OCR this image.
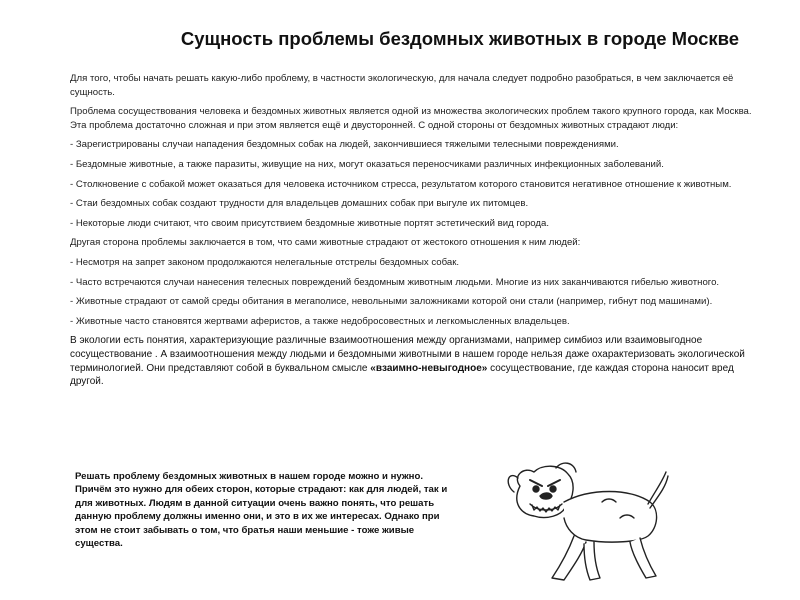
Сущность проблемы бездомных животных в городе Москве

Для того, чтобы начать решать какую-либо проблему, в частности экологическую, для начала следует подробно разобраться, в чем заключается её сущность.

Проблема сосуществования человека и бездомных животных является одной из множества экологических проблем такого крупного города, как Москва. Эта проблема достаточно сложная и при этом является ещё и двусторонней. С одной стороны от бездомных животных страдают люди:

- Зарегистрированы случаи нападения бездомных собак на людей, закончившиеся тяжелыми телесными повреждениями.

- Бездомные животные, а также паразиты, живущие на них, могут оказаться переносчиками различных инфекционных заболеваний.

- Столкновение с собакой может оказаться для человека источником стресса, результатом которого становится негативное отношение к животным.

- Стаи бездомных собак создают трудности для владельцев домашних собак при выгуле их питомцев.

- Некоторые люди считают, что своим присутствием бездомные животные портят эстетический вид города.

Другая сторона проблемы заключается в том, что сами животные страдают от жестокого отношения к ним людей:

- Несмотря на запрет законом продолжаются нелегальные отстрелы бездомных собак.

- Часто встречаются случаи нанесения телесных повреждений бездомным животным людьми. Многие из них заканчиваются гибелью животного.

- Животные страдают от самой среды обитания в мегаполисе, невольными заложниками которой они стали (например, гибнут под машинами).

- Животные часто становятся жертвами аферистов, а также недобросовестных и легкомысленных владельцев.

В экологии есть понятия, характеризующие различные взаимоотношения между организмами, например симбиоз или взаимовыгодное сосуществование . А взаимоотношения между людьми и бездомными животными в нашем городе нельзя даже охарактеризовать экологической терминологией. Они представляют собой в буквальном смысле «взаимно-невыгодное» сосуществование, где каждая сторона наносит вред другой.

Решать проблему бездомных животных в нашем городе можно и нужно. Причём это нужно для обеих сторон, которые страдают: как для людей, так и для животных. Людям в данной ситуации очень важно понять, что решать данную проблему должны именно они, и это в их же интересах. Однако при этом не стоит забывать о том, что братья наши меньшие - тоже живые существа.
